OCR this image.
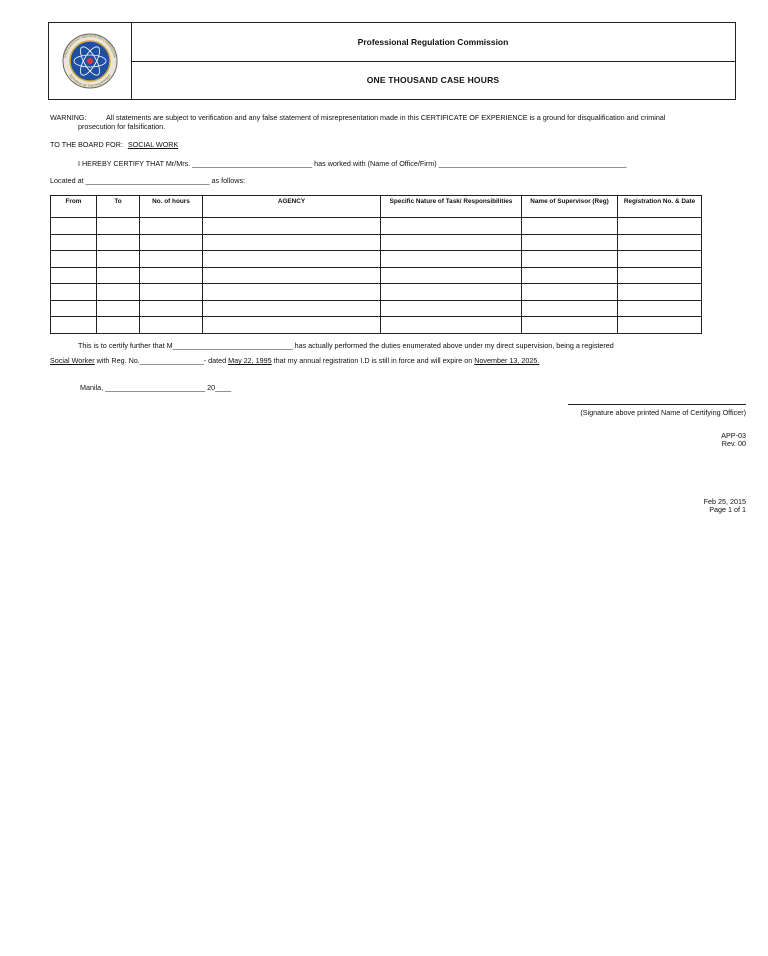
PROFESSIONAL REGULATION COMMISSION
REPUBLIC OF THE PHILIPPINES
Professional Regulation Commission
ONE THOUSAND CASE HOURS
WARNING:	All statements are subject to verification and any false statement of misrepresentation made in this CERTIFICATE OF EXPERIENCE is a ground for disqualification and criminal
prosecution for falsification.
TO THE BOARD FOR: SOCIAL WORK
I HEREBY CERTIFY THAT Mr/Mrs. ______________________________ has worked with (Name of Office/Firm) _______________________________________________
Located at _______________________________ as follows:
From	To	No. of hours	AGENCY	Specific Nature of Task/ Responsibilities	Name of Supervisor (Reg)	Registration No. & Date

This is to certify further that M______________________________ has actually performed the duties enumerated above under my direct supervision, being a registered
Social Worker with Reg. No.________________- dated May 22, 1995 that my annual registration I.D is still in force and will expire on November 13, 2025.
Manila, _________________________ 20____
(Signature above printed Name of Certifying Officer)
APP-03
Rev. 00
Feb 25, 2015
Page 1 of 1
